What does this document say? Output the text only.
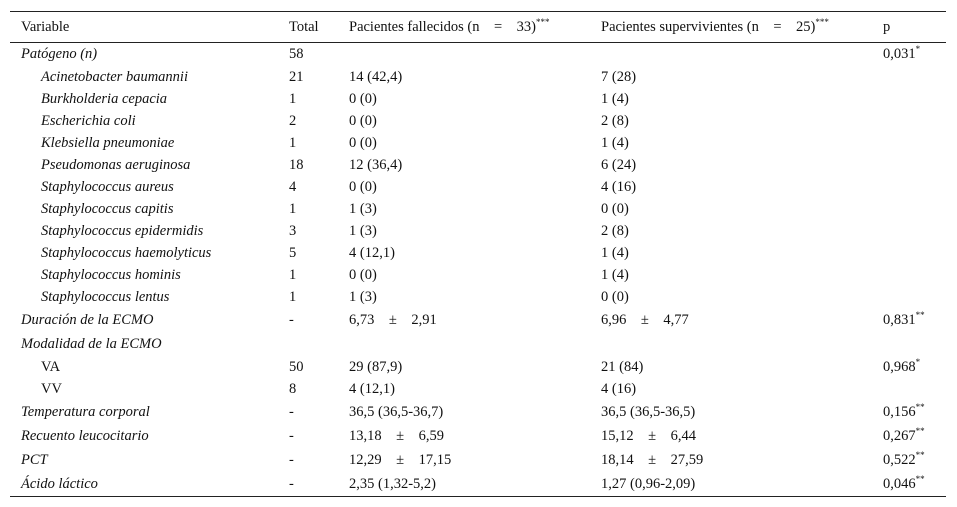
Variable	Total	Pacientes fallecidos (n = 33)***	Pacientes supervivientes (n = 25)***	p
Patógeno (n)	58			0,031*
Acinetobacter baumannii	21	14 (42,4)	7 (28)	
Burkholderia cepacia	1	0 (0)	1 (4)	
Escherichia coli	2	0 (0)	2 (8)	
Klebsiella pneumoniae	1	0 (0)	1 (4)	
Pseudomonas aeruginosa	18	12 (36,4)	6 (24)	
Staphylococcus aureus	4	0 (0)	4 (16)	
Staphylococcus capitis	1	1 (3)	0 (0)	
Staphylococcus epidermidis	3	1 (3)	2 (8)	
Staphylococcus haemolyticus	5	4 (12,1)	1 (4)	
Staphylococcus hominis	1	0 (0)	1 (4)	
Staphylococcus lentus	1	1 (3)	0 (0)	
Duración de la ECMO	-	6,73 ± 2,91	6,96 ± 4,77	0,831**
Modalidad de la ECMO				
VA	50	29 (87,9)	21 (84)	0,968*
VV	8	4 (12,1)	4 (16)	
Temperatura corporal	-	36,5 (36,5-36,7)	36,5 (36,5-36,5)	0,156**
Recuento leucocitario	-	13,18 ± 6,59	15,12 ± 6,44	0,267**
PCT	-	12,29 ± 17,15	18,14 ± 27,59	0,522**
Ácido láctico	-	2,35 (1,32-5,2)	1,27 (0,96-2,09)	0,046**
